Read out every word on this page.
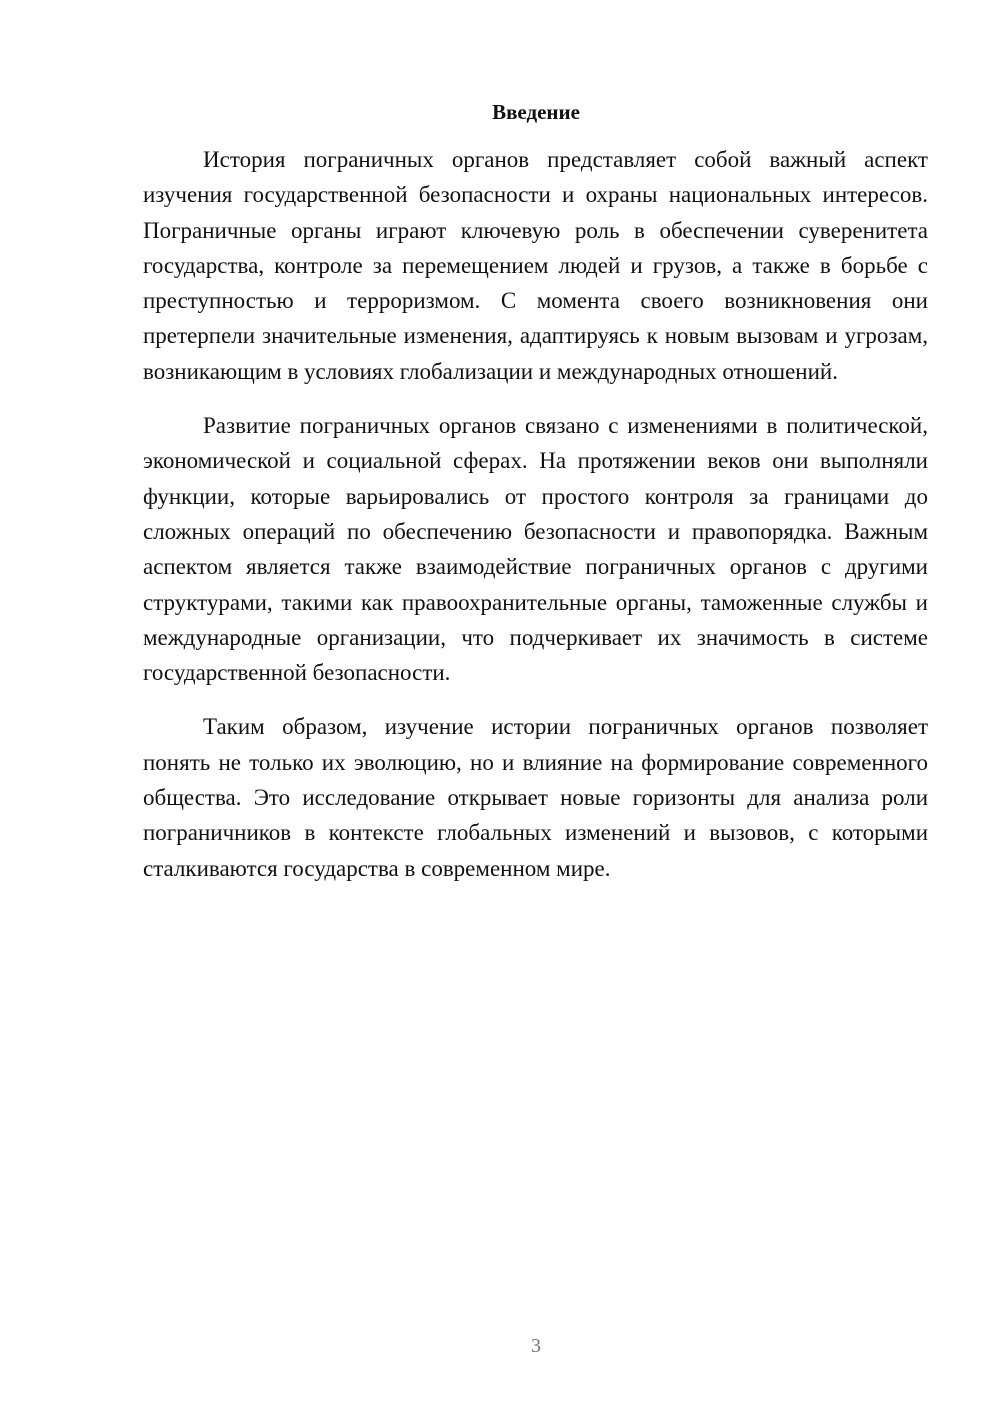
Введение

История пограничных органов представляет собой важный аспект изучения государственной безопасности и охраны национальных интересов. Пограничные органы играют ключевую роль в обеспечении суверенитета государства, контроле за перемещением людей и грузов, а также в борьбе с преступностью и терроризмом. С момента своего возникновения они претерпели значительные изменения, адаптируясь к новым вызовам и угрозам, возникающим в условиях глобализации и международных отношений.

Развитие пограничных органов связано с изменениями в политической, экономической и социальной сферах. На протяжении веков они выполняли функции, которые варьировались от простого контроля за границами до сложных операций по обеспечению безопасности и правопорядка. Важным аспектом является также взаимодействие пограничных органов с другими структурами, такими как правоохранительные органы, таможенные службы и международные организации, что подчеркивает их значимость в системе государственной безопасности.

Таким образом, изучение истории пограничных органов позволяет понять не только их эволюцию, но и влияние на формирование современного общества. Это исследование открывает новые горизонты для анализа роли пограничников в контексте глобальных изменений и вызовов, с которыми сталкиваются государства в современном мире.

3
